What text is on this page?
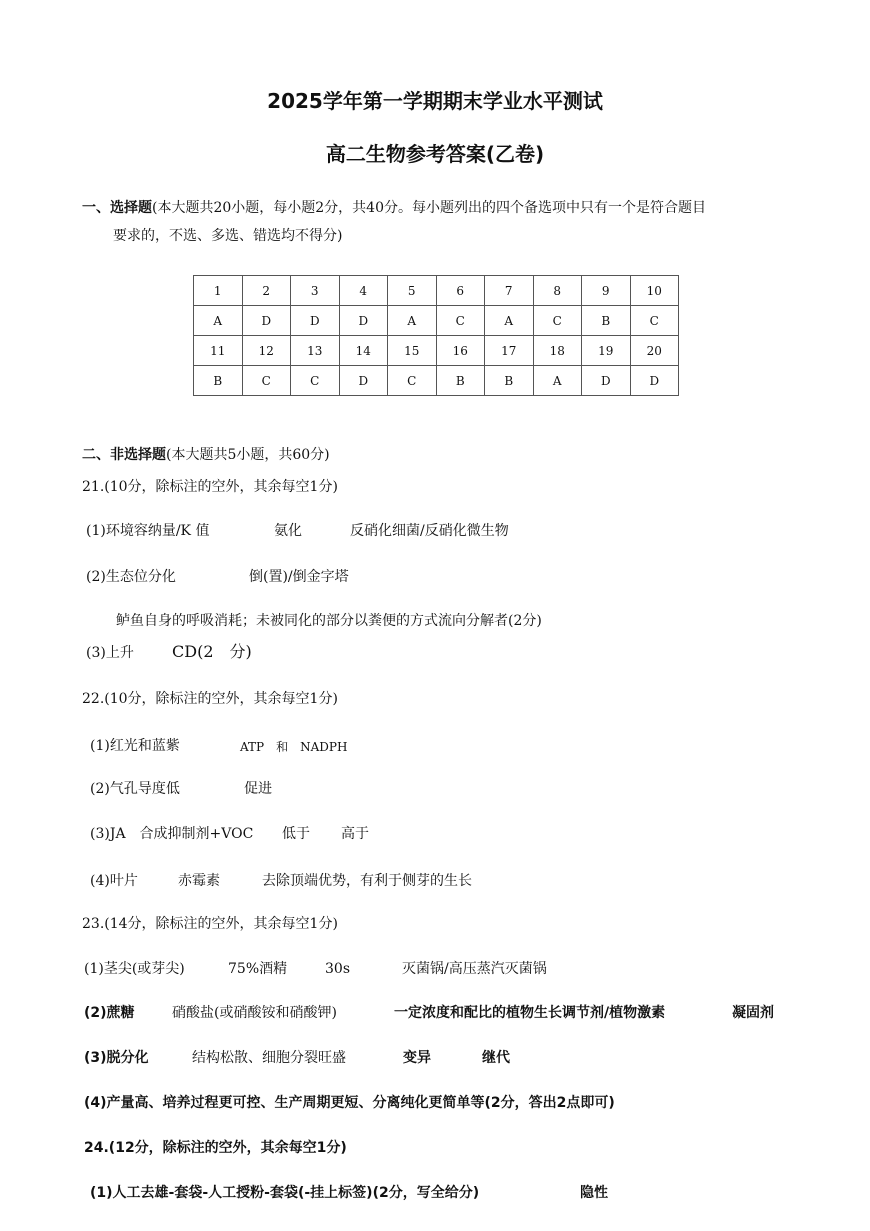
2025学年第一学期期末学业水平测试
高二生物参考答案(乙卷)
一、选择题(本大题共20小题，每小题2分，共40分。每小题列出的四个备选项中只有一个是符合题目
要求的，不选、多选、错选均不得分)
1	2	3	4	5	6	7	8	9	10
A	D	D	D	A	C	A	C	B	C
11	12	13	14	15	16	17	18	19	20
B	C	C	D	C	B	B	A	D	D
二、非选择题(本大题共5小题，共60分)
21.(10分，除标注的空外，其余每空1分)
(1)环境容纳量/K 值	氨化	反硝化细菌/反硝化微生物
(2)生态位分化	倒(置)/倒金字塔
鲈鱼自身的呼吸消耗；未被同化的部分以粪便的方式流向分解者(2分)
(3)上升 CD(2　分)
22.(10分，除标注的空外，其余每空1分)
(1)红光和蓝紫	ATP　和　NADPH
(2)气孔导度低	促进
(3)JA　合成抑制剂+VOC 低于 高于
(4)叶片	赤霉素	去除顶端优势，有利于侧芽的生长
23.(14分，除标注的空外，其余每空1分)
(1)茎尖(或芽尖)	75%酒精	30s	灭菌锅/高压蒸汽灭菌锅
(2)蔗糖	硝酸盐(或硝酸铵和硝酸钾)	一定浓度和配比的植物生长调节剂/植物激素	凝固剂
(3)脱分化	结构松散、细胞分裂旺盛	变异	继代
(4)产量高、培养过程更可控、生产周期更短、分离纯化更简单等(2分，答出2点即可)
24.(12分，除标注的空外，其余每空1分)
(1)人工去雄-套袋-人工授粉-套袋(-挂上标签)(2分，写全给分)	隐性
